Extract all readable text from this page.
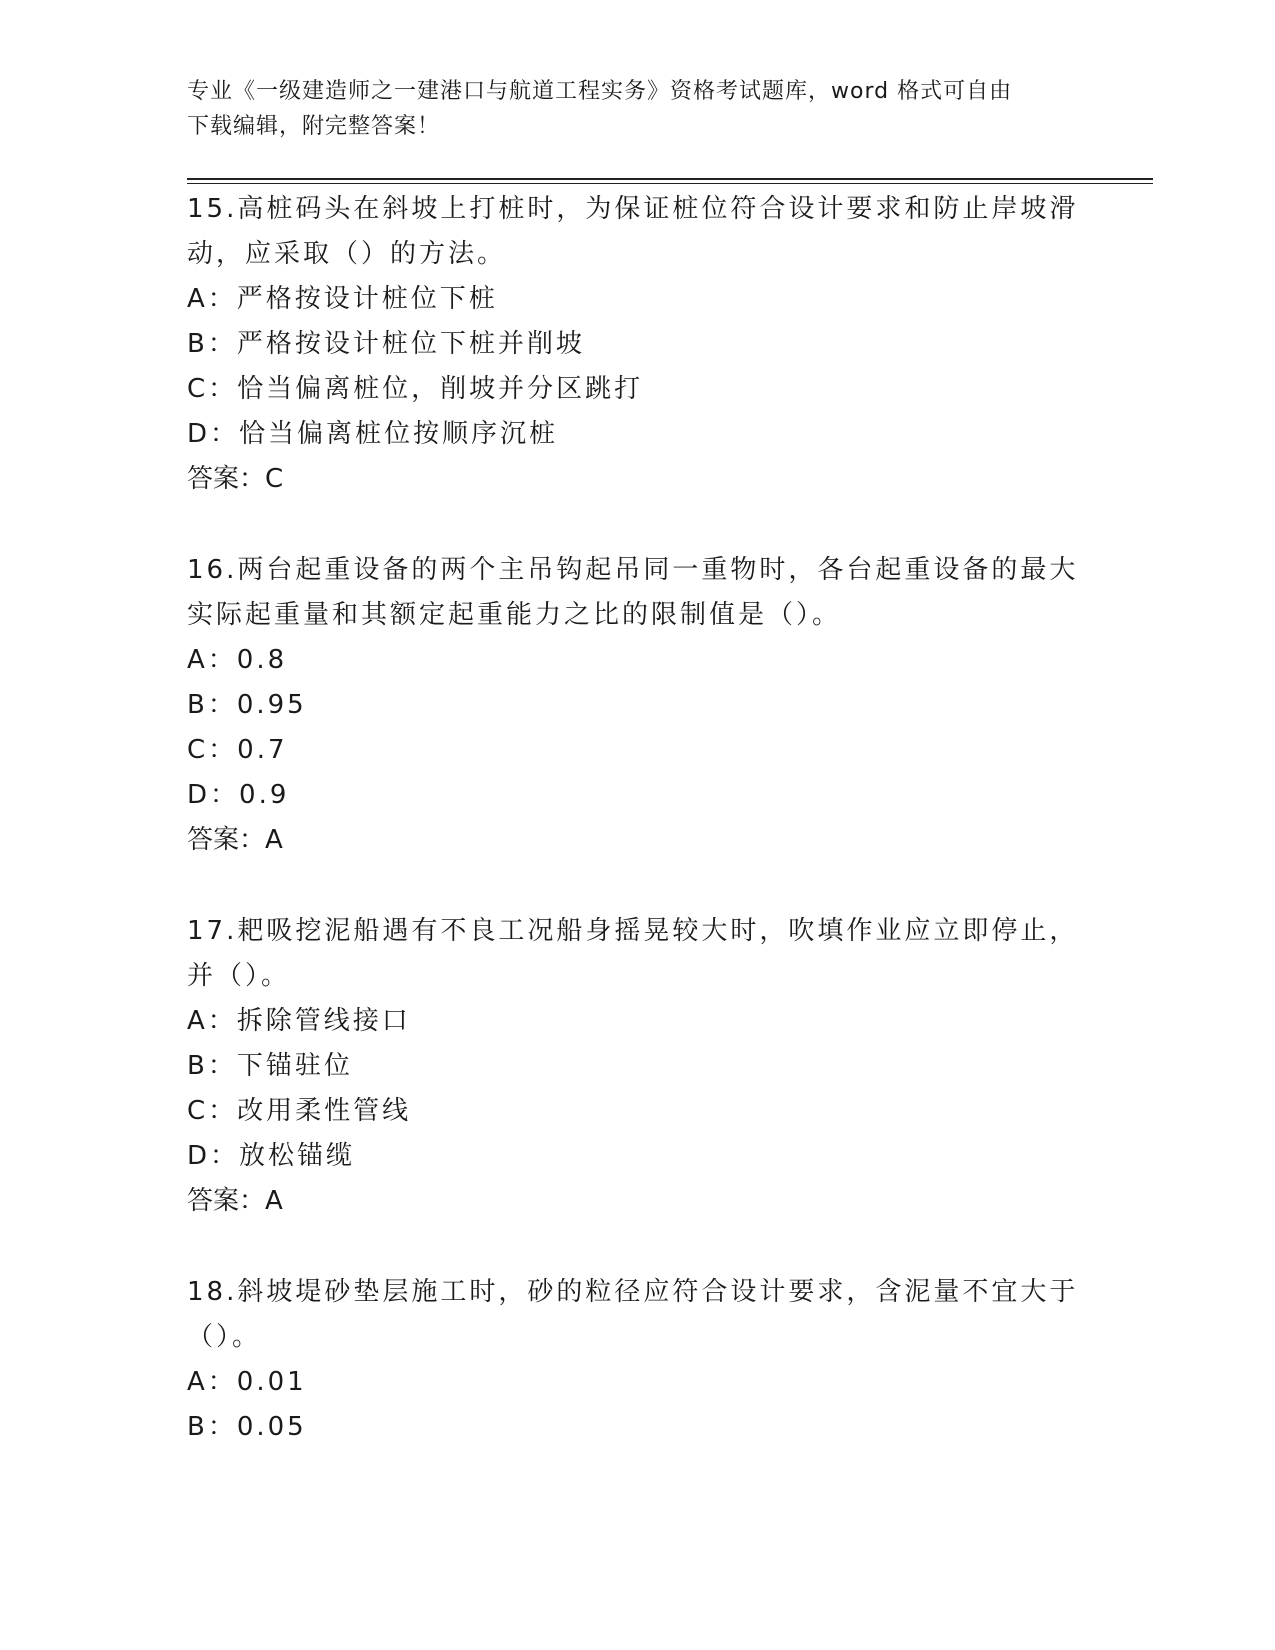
专业《一级建造师之一建港口与航道工程实务》资格考试题库，word 格式可自由
下载编辑，附完整答案！
15.高桩码头在斜坡上打桩时，为保证桩位符合设计要求和防止岸坡滑
动，应采取（）的方法。
A：严格按设计桩位下桩
B：严格按设计桩位下桩并削坡
C：恰当偏离桩位，削坡并分区跳打
D：恰当偏离桩位按顺序沉桩
答案：C
16.两台起重设备的两个主吊钩起吊同一重物时，各台起重设备的最大
实际起重量和其额定起重能力之比的限制值是（）。
A：0.8
B：0.95
C：0.7
D：0.9
答案：A
17.耙吸挖泥船遇有不良工况船身摇晃较大时，吹填作业应立即停止，
并（）。
A：拆除管线接口
B：下锚驻位
C：改用柔性管线
D：放松锚缆
答案：A
18.斜坡堤砂垫层施工时，砂的粒径应符合设计要求，含泥量不宜大于
（）。
A：0.01
B：0.05
